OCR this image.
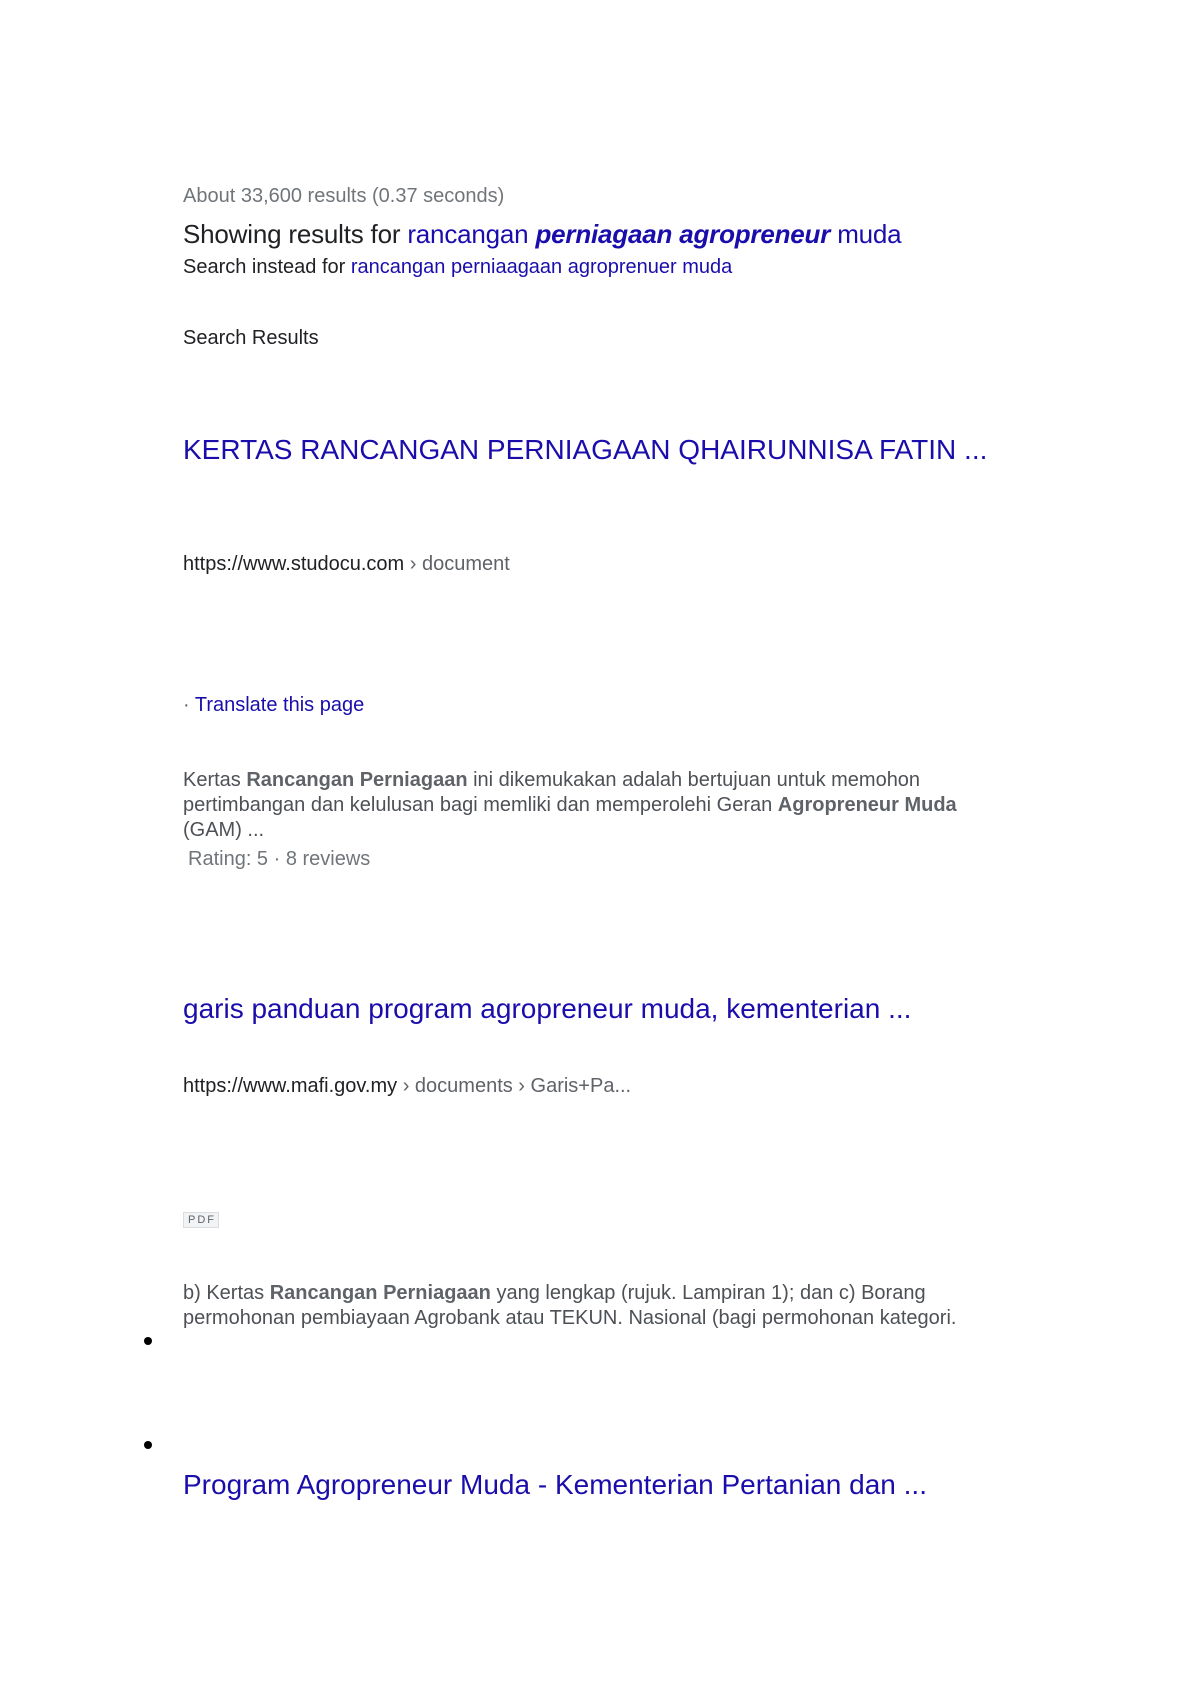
About 33,600 results (0.37 seconds)

Showing results for rancangan perniagaan agropreneur muda

Search instead for rancangan perniaagaan agroprenuer muda

Search Results
KERTAS RANCANGAN PERNIAGAAN QHAIRUNNISA FATIN ...

https://www.studocu.com › document

· Translate this page

Kertas Rancangan Perniagaan ini dikemukakan adalah bertujuan untuk memohon pertimbangan dan kelulusan bagi memliki dan memperolehi Geran Agropreneur Muda (GAM) ...

Rating: 5 · 8 reviews

garis panduan program agropreneur muda, kementerian ...

https://www.mafi.gov.my › documents › Garis+Pa...

PDF

b) Kertas Rancangan Perniagaan yang lengkap (rujuk. Lampiran 1); dan c) Borang permohonan pembiayaan Agrobank atau TEKUN. Nasional (bagi permohonan kategori.

Program Agropreneur Muda - Kementerian Pertanian dan ...
